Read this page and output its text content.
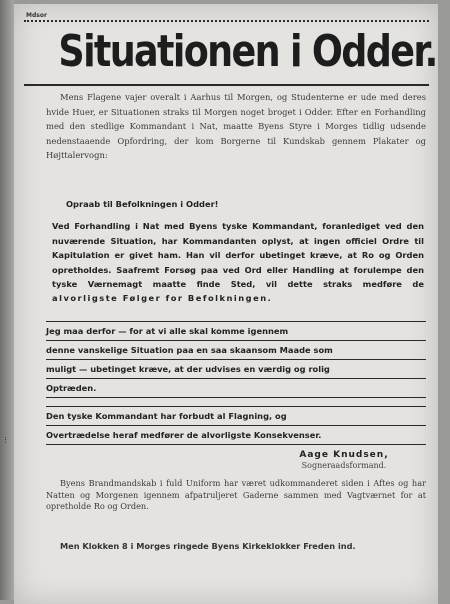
Mdsor
Situationen i Odder.

Mens Flagene vajer overalt i Aarhus til Morgen, og Studenterne er ude med deres hvide Huer, er Situationen straks til Morgen noget broget i Odder. Efter en Forhandling med den stedlige Kommandant i Nat, maatte Byens Styre i Morges tidlig udsende nedenstaaende Opfordring, der kom Borgerne til Kundskab gennem Plakater og Højttalervogn:

Opraab til Befolkningen i Odder!

Ved Forhandling i Nat med Byens tyske Kommandant, foranlediget ved den nuværende Situation, har Kommandanten oplyst, at ingen officiel Ordre til Kapitulation er givet ham. Han vil derfor ubetinget kræve, at Ro og Orden opretholdes. Saafremt Forsøg paa ved Ord eller Handling at forulempe den tyske Værnemagt maatte finde Sted, vil dette straks medføre de alvorligste Følger for Befolkningen.

Jeg maa derfor — for at vi alle skal komme igennem
denne vanskelige Situation paa en saa skaansom Maade som
muligt — ubetinget kræve, at der udvises en værdig og rolig
Optræden.
Den tyske Kommandant har forbudt al Flagning, og
Overtrædelse heraf medfører de alvorligste Konsekvenser.
Aage Knudsen,
Sogneraadsformand.

Byens Brandmandskab i fuld Uniform har været udkommanderet siden i Aftes og har Natten og Morgenen igennem afpatruljeret Gaderne sammen med Vagtværnet for at opretholde Ro og Orden.

Men Klokken 8 i Morges ringede Byens Kirkeklokker Freden ind.

⋮
